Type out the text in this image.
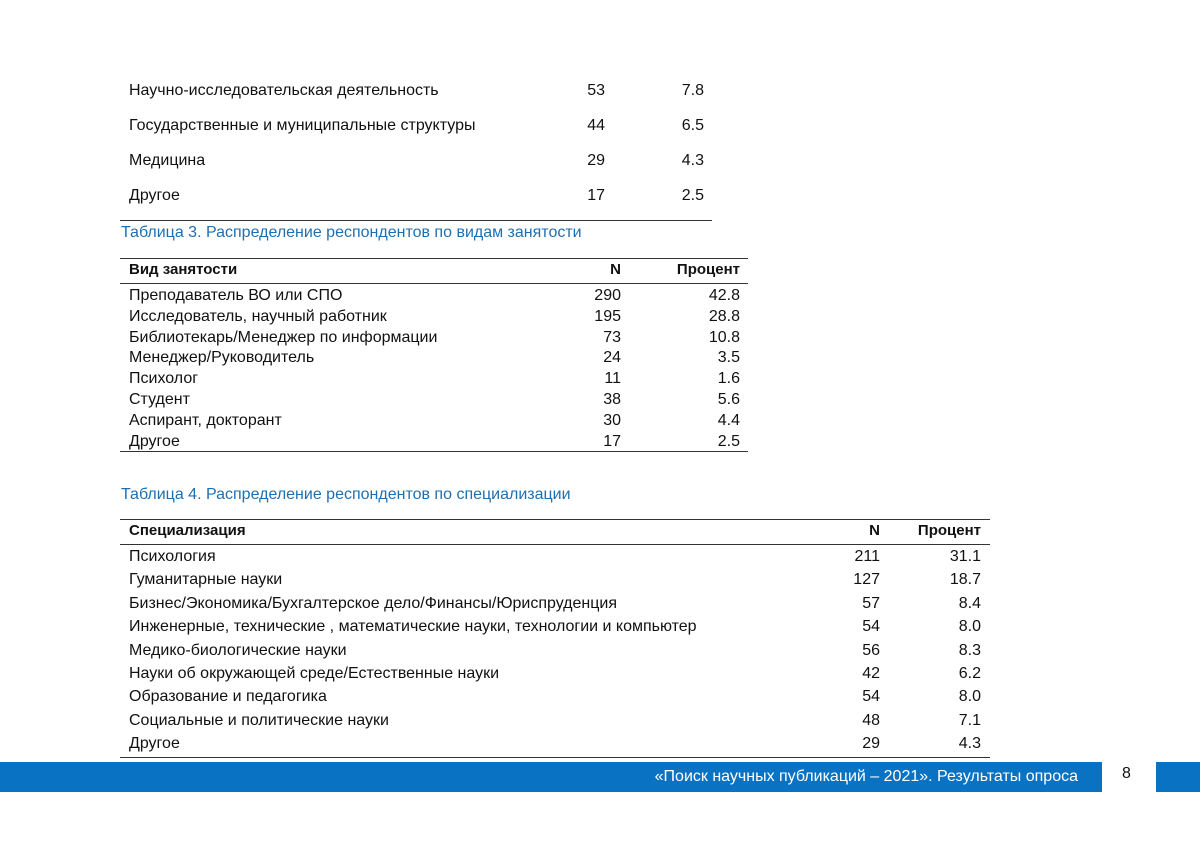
Научно-исследовательская деятельность	53	7.8
Государственные и муниципальные структуры	44	6.5
Медицина	29	4.3
Другое	17	2.5
Таблица 3. Распределение респондентов по видам занятости
Вид занятости	N	Процент
Преподаватель ВО или СПО	290	42.8
Исследователь, научный работник	195	28.8
Библиотекарь/Менеджер по информации	73	10.8
Менеджер/Руководитель	24	3.5
Психолог	11	1.6
Студент	38	5.6
Аспирант, докторант	30	4.4
Другое	17	2.5
Таблица 4. Распределение респондентов по специализации
Специализация	N	Процент
Психология	211	31.1
Гуманитарные науки	127	18.7
Бизнес/Экономика/Бухгалтерское дело/Финансы/Юриспруденция	57	8.4
Инженерные, технические , математические науки, технологии и компьютер	54	8.0
Медико-биологические науки	56	8.3
Науки об окружающей среде/Естественные науки	42	6.2
Образование и педагогика	54	8.0
Социальные и политические науки	48	7.1
Другое	29	4.3
«Поиск научных публикаций – 2021». Результаты опроса	8
